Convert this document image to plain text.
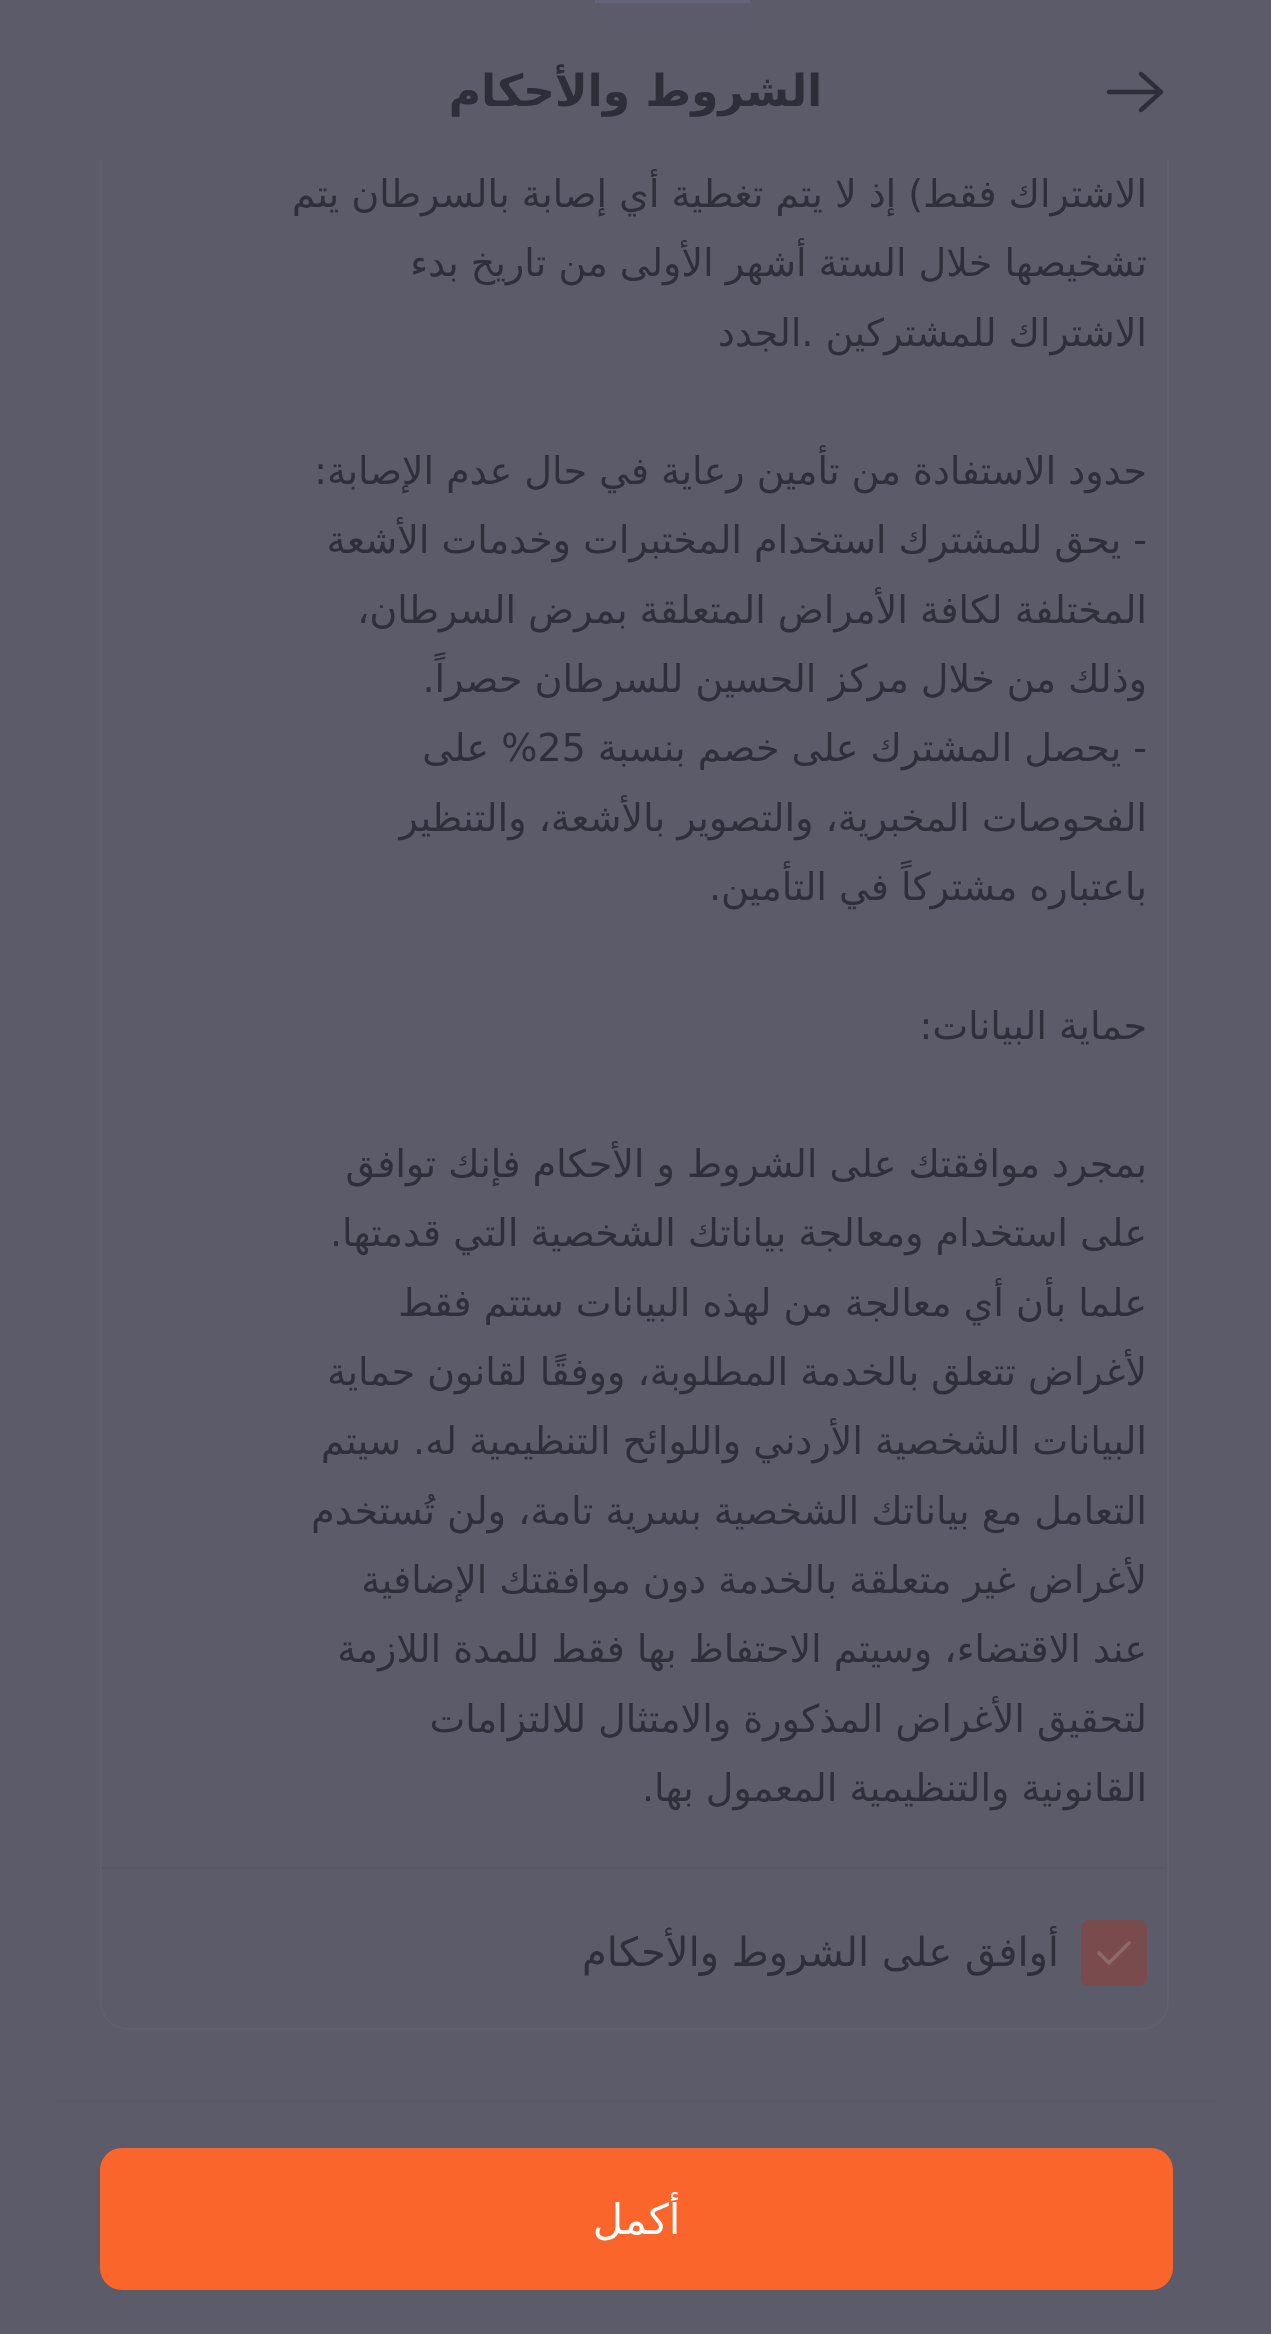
الشروط والأحكام
الاشتراك فقط) إذ لا يتم تغطية أي إصابة بالسرطان يتم
تشخيصها خلال الستة أشهر الأولى من تاريخ بدء
الاشتراك للمشتركين .الجدد

حدود الاستفادة من تأمين رعاية في حال عدم الإصابة:
- يحق للمشترك استخدام المختبرات وخدمات الأشعة
المختلفة لكافة الأمراض المتعلقة بمرض السرطان،
وذلك من خلال مركز الحسين للسرطان حصراً.
- يحصل المشترك على خصم بنسبة 25% على
الفحوصات المخبرية، والتصوير بالأشعة، والتنظير
باعتباره مشتركاً في التأمين.

حماية البيانات:

بمجرد موافقتك على الشروط و الأحكام فإنك توافق
على استخدام ومعالجة بياناتك الشخصية التي قدمتها.
علما بأن أي معالجة من لهذه البيانات ستتم فقط
لأغراض تتعلق بالخدمة المطلوبة، ووفقًا لقانون حماية
البيانات الشخصية الأردني واللوائح التنظيمية له. سيتم
التعامل مع بياناتك الشخصية بسرية تامة، ولن تُستخدم
لأغراض غير متعلقة بالخدمة دون موافقتك الإضافية
عند الاقتضاء، وسيتم الاحتفاظ بها فقط للمدة اللازمة
لتحقيق الأغراض المذكورة والامتثال للالتزامات
القانونية والتنظيمية المعمول بها.
أوافق على الشروط والأحكام
أكمل
